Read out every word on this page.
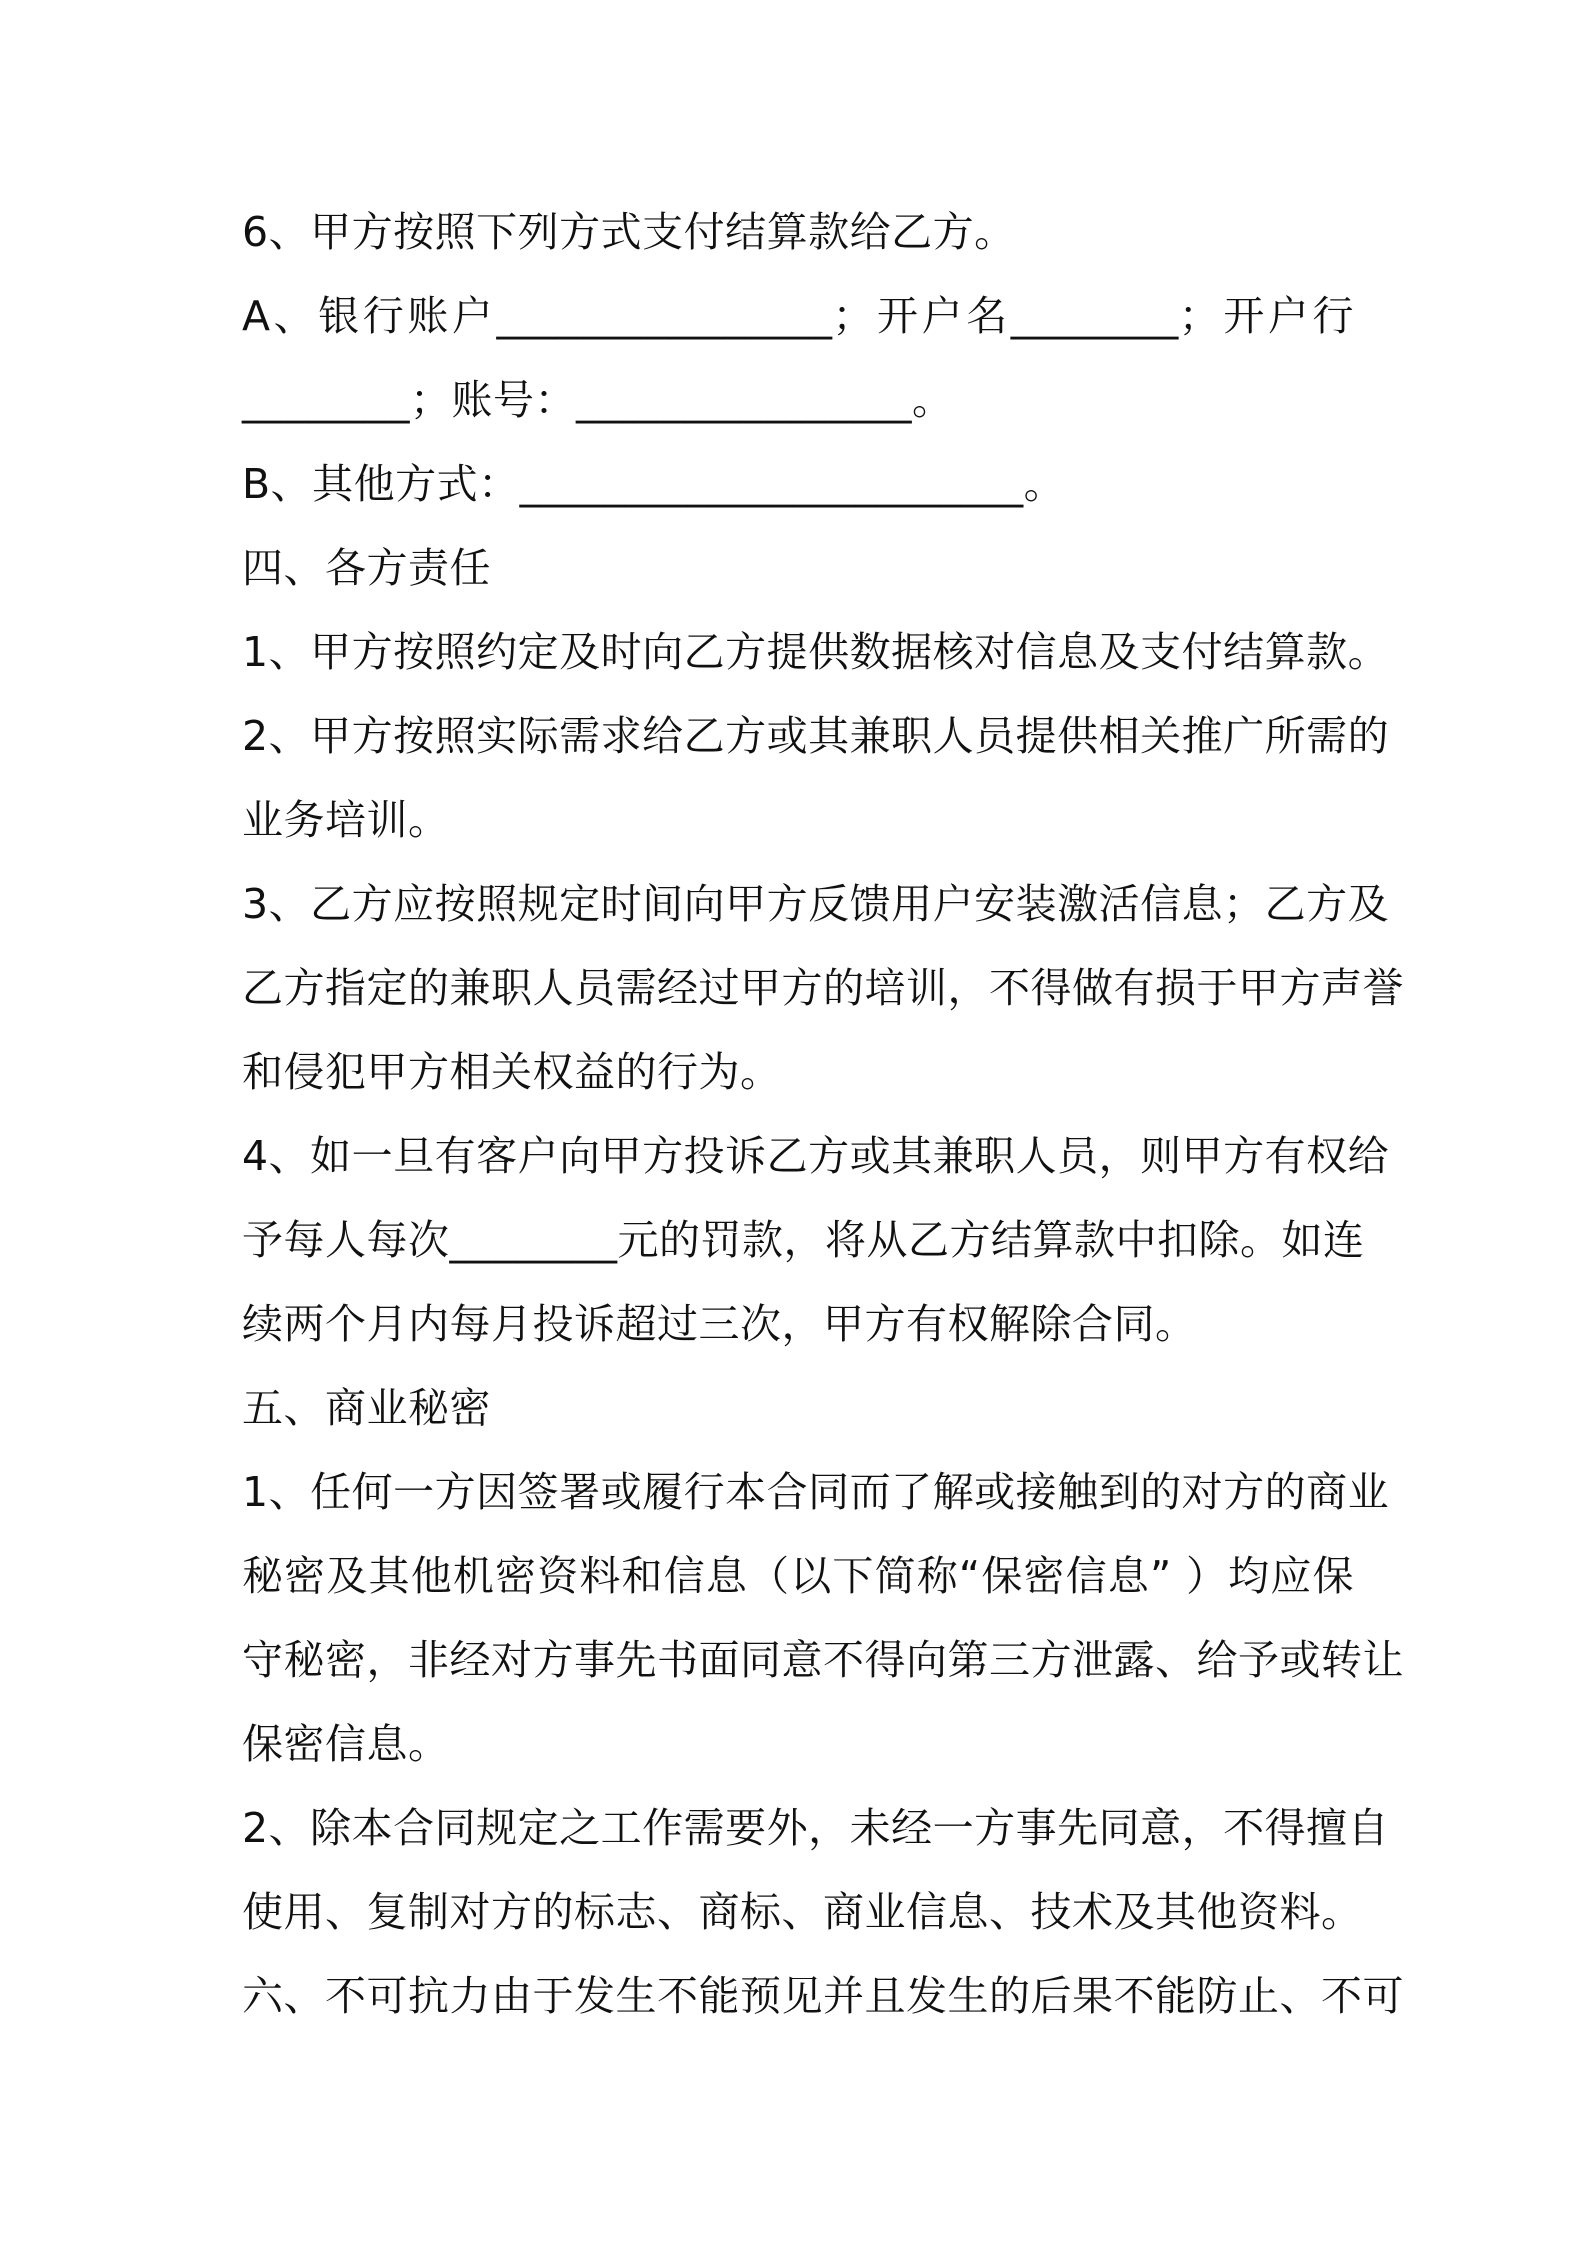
6、甲方按照下列方式支付结算款给乙方。
A、银行账户________________；开户名________；开户行
________；账号：________________。
B、其他方式：________________________。
四、各方责任
1、甲方按照约定及时向乙方提供数据核对信息及支付结算款。
2、甲方按照实际需求给乙方或其兼职人员提供相关推广所需的
业务培训。
3、乙方应按照规定时间向甲方反馈用户安装激活信息；乙方及
乙方指定的兼职人员需经过甲方的培训，不得做有损于甲方声誉
和侵犯甲方相关权益的行为。
4、如一旦有客户向甲方投诉乙方或其兼职人员，则甲方有权给
予每人每次________元的罚款，将从乙方结算款中扣除。如连
续两个月内每月投诉超过三次，甲方有权解除合同。
五、商业秘密
1、任何一方因签署或履行本合同而了解或接触到的对方的商业
秘密及其他机密资料和信息（以下简称“保密信息” ）均应保
守秘密，非经对方事先书面同意不得向第三方泄露、给予或转让
保密信息。
2、除本合同规定之工作需要外，未经一方事先同意，不得擅自
使用、复制对方的标志、商标、商业信息、技术及其他资料。
六、不可抗力由于发生不能预见并且发生的后果不能防止、不可
